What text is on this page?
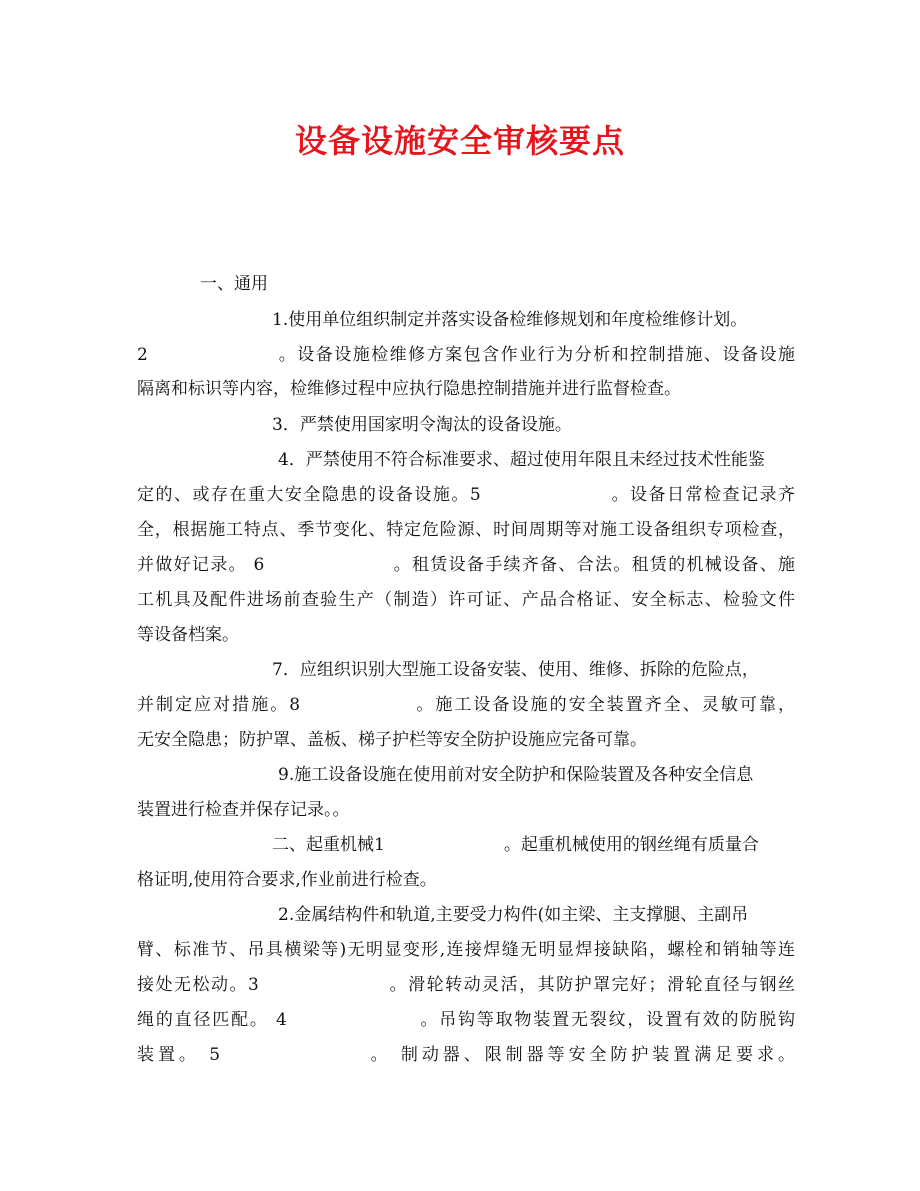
设备设施安全审核要点
一、通用
1.使用单位组织制定并落实设备检维修规划和年度检维修计划。
2　　　　　　　。设备设施检维修方案包含作业行为分析和控制措施、设备设施
隔离和标识等内容，检维修过程中应执行隐患控制措施并进行监督检查。
3．严禁使用国家明令淘汰的设备设施。
4．严禁使用不符合标准要求、超过使用年限且未经过技术性能鉴
定的、或存在重大安全隐患的设备设施。5　　　　　　　。设备日常检查记录齐
全，根据施工特点、季节变化、特定危险源、时间周期等对施工设备组织专项检查，
并做好记录。 6　　　　　　　。租赁设备手续齐备、合法。租赁的机械设备、施
工机具及配件进场前查验生产（制造）许可证、产品合格证、安全标志、检验文件
等设备档案。
7．应组织识别大型施工设备安装、使用、维修、拆除的危险点，
并制定应对措施。8　　　　　　。施工设备设施的安全装置齐全、灵敏可靠，
无安全隐患；防护罩、盖板、梯子护栏等安全防护设施应完备可靠。
9.施工设备设施在使用前对安全防护和保险装置及各种安全信息
装置进行检查并保存记录。。
二、起重机械1　　　　　　　。起重机械使用的钢丝绳有质量合
格证明,使用符合要求,作业前进行检查。
2.金属结构件和轨道,主要受力构件(如主梁、主支撑腿、主副吊
臂、标准节、吊具横梁等)无明显变形,连接焊缝无明显焊接缺陷，螺栓和销轴等连
接处无松动。3　　　　　　　。滑轮转动灵活，其防护罩完好；滑轮直径与钢丝
绳的直径匹配。 4　　　　　　　。吊钩等取物装置无裂纹，设置有效的防脱钩
装置。 5　　　　　　　。 制动器、限制器等安全防护装置满足要求。
